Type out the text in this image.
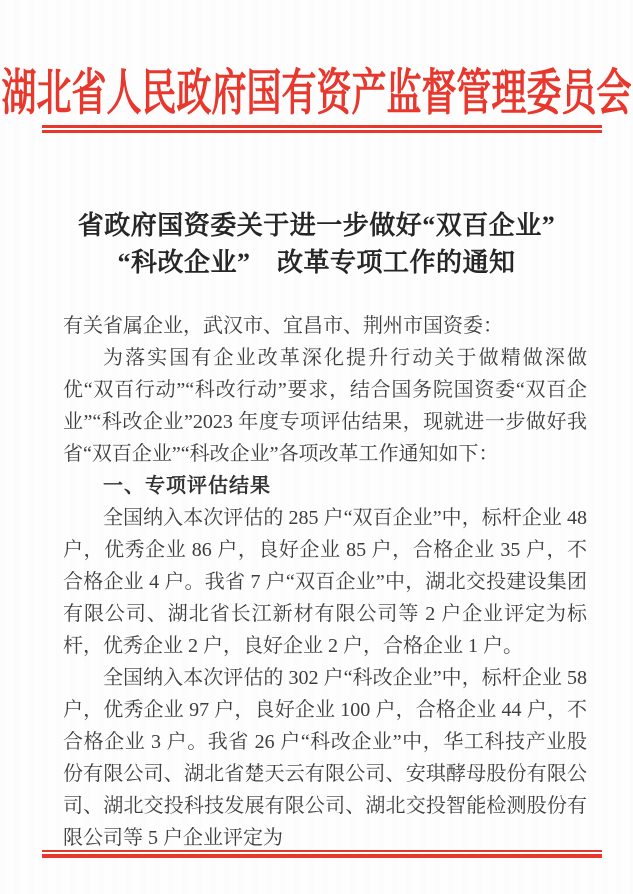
湖北省人民政府国有资产监督管理委员会
省政府国资委关于进一步做好“双百企业”
“科改企业”　改革专项工作的通知

有关省属企业，武汉市、宜昌市、荆州市国资委：

为落实国有企业改革深化提升行动关于做精做深做优“双百行动”“科改行动”要求，结合国务院国资委“双百企业”“科改企业”2023 年度专项评估结果，现就进一步做好我省“双百企业”“科改企业”各项改革工作通知如下：

一、专项评估结果

全国纳入本次评估的 285 户“双百企业”中，标杆企业 48 户，优秀企业 86 户，良好企业 85 户，合格企业 35 户，不合格企业 4 户。我省 7 户“双百企业”中，湖北交投建设集团有限公司、湖北省长江新材有限公司等 2 户企业评定为标杆，优秀企业 2 户，良好企业 2 户，合格企业 1 户。

全国纳入本次评估的 302 户“科改企业”中，标杆企业 58 户，优秀企业 97 户，良好企业 100 户，合格企业 44 户，不合格企业 3 户。我省 26 户“科改企业”中，华工科技产业股份有限公司、湖北省楚天云有限公司、安琪酵母股份有限公司、湖北交投科技发展有限公司、湖北交投智能检测股份有限公司等 5 户企业评定为
